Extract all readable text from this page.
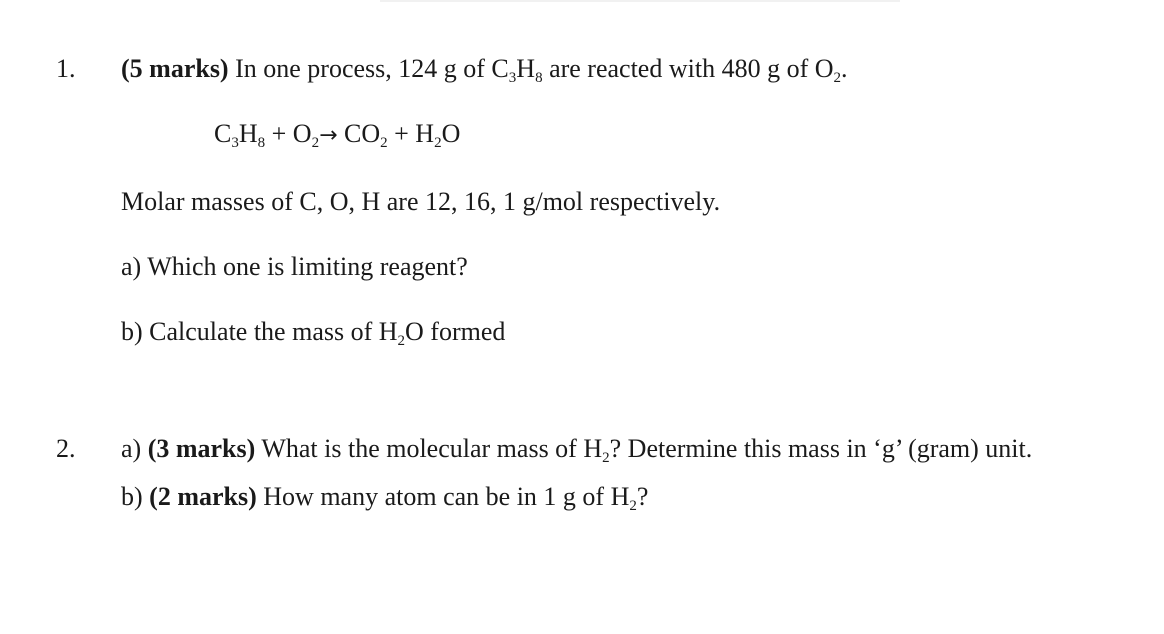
1. (5 marks) In one process, 124 g of $C_3H_8$ are reacted with 480 g of $O_2$.
$C_3H_8 + O_2\to CO_2 + H_2O$
Molar masses of C, O, H are 12, 16, 1 g/mol respectively.
a) Which one is limiting reagent?
b) Calculate the mass of $H_2O$ formed
2. a) (3 marks) What is the molecular mass of $H_2$? Determine this mass in ‘g’ (gram) unit.
b) (2 marks) How many atom can be in 1 g of $H_2$?
